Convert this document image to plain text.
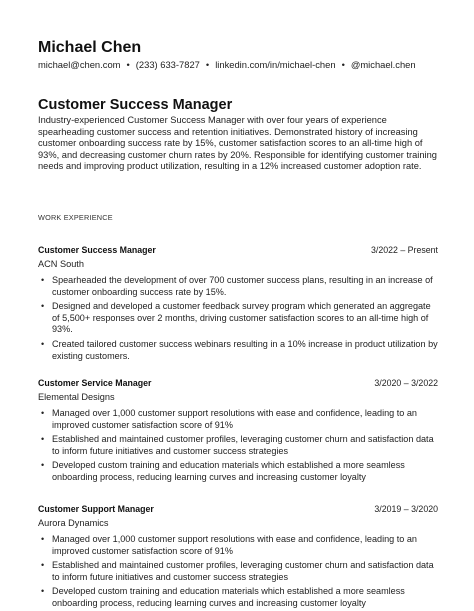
Michael Chen
michael@chen.com • (233) 633-7827 • linkedin.com/in/michael-chen • @michael.chen
Customer Success Manager
Industry-experienced Customer Success Manager with over four years of experience spearheading customer success and retention initiatives. Demonstrated history of increasing customer onboarding success rate by 15%, customer satisfaction scores to an all-time high of 93%, and decreasing customer churn rates by 20%. Responsible for identifying customer training needs and improving product utilization, resulting in a 12% increased customer adoption rate.
WORK EXPERIENCE
Customer Success Manager	3/2022 – Present
ACN South
• Spearheaded the development of over 700 customer success plans, resulting in an increase of customer onboarding success rate by 15%.
• Designed and developed a customer feedback survey program which generated an aggregate of 5,500+ responses over 2 months, driving customer satisfaction scores to an all-time high of 93%.
• Created tailored customer success webinars resulting in a 10% increase in product utilization by existing customers.
Customer Service Manager	3/2020 – 3/2022
Elemental Designs
• Managed over 1,000 customer support resolutions with ease and confidence, leading to an improved customer satisfaction score of 91%
• Established and maintained customer profiles, leveraging customer churn and satisfaction data to inform future initiatives and customer success strategies
• Developed custom training and education materials which established a more seamless onboarding process, reducing learning curves and increasing customer loyalty
Customer Support Manager	3/2019 – 3/2020
Aurora Dynamics
• Managed over 1,000 customer support resolutions with ease and confidence, leading to an improved customer satisfaction score of 91%
• Established and maintained customer profiles, leveraging customer churn and satisfaction data to inform future initiatives and customer success strategies
• Developed custom training and education materials which established a more seamless onboarding process, reducing learning curves and increasing customer loyalty
